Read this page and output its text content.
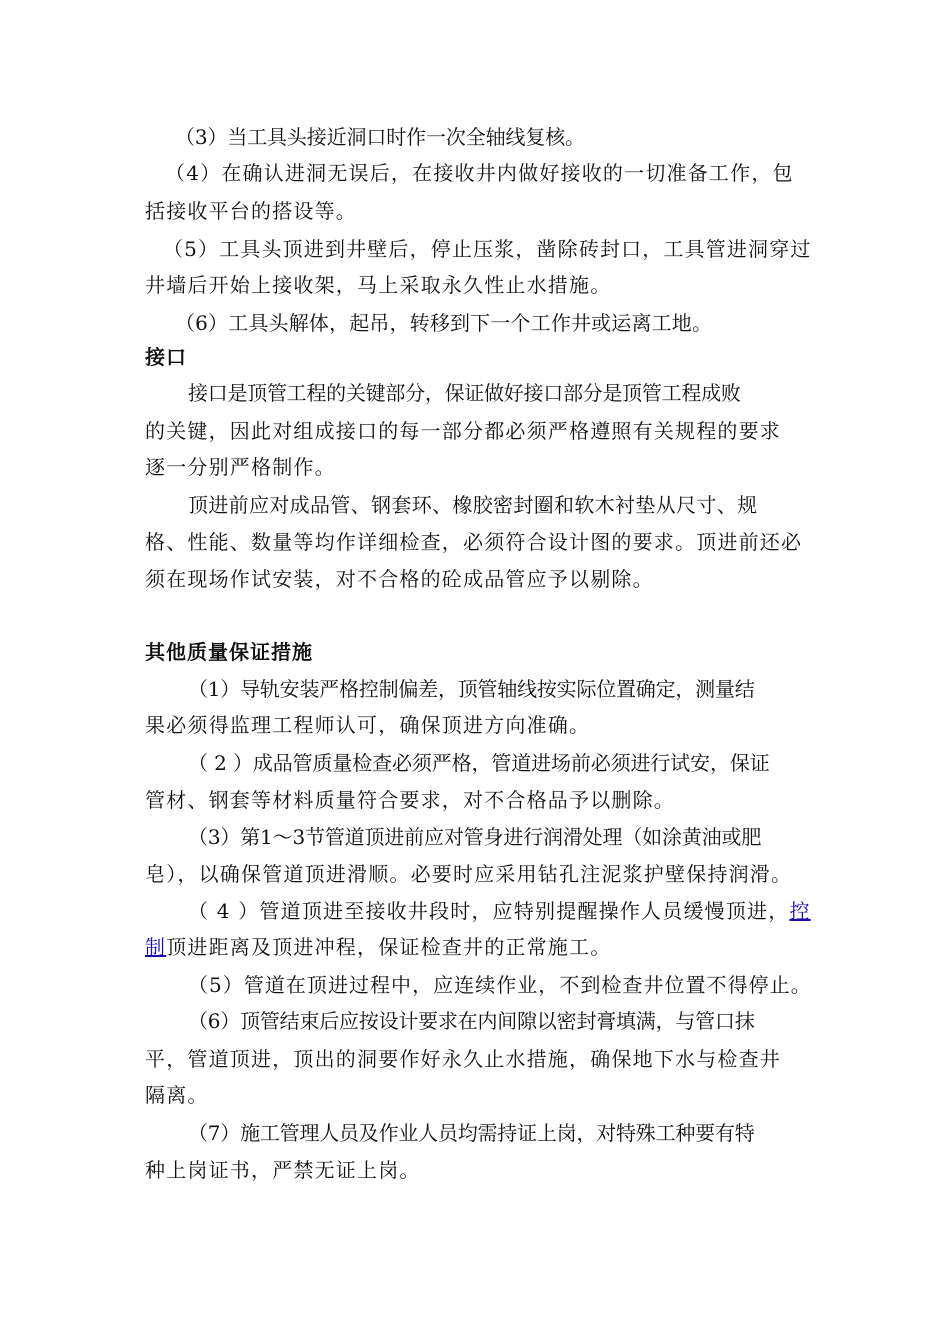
（3）当工具头接近洞口时作一次全轴线复核。
（4）在确认进洞无误后，在接收井内做好接收的一切准备工作，包
括接收平台的搭设等。
（5）工具头顶进到井壁后，停止压浆，凿除砖封口，工具管进洞穿过
井墙后开始上接收架，马上采取永久性止水措施。
（6）工具头解体，起吊，转移到下一个工作井或运离工地。
接口
接口是顶管工程的关键部分，保证做好接口部分是顶管工程成败
的关键，因此对组成接口的每一部分都必须严格遵照有关规程的要求
逐一分别严格制作。
顶进前应对成品管、钢套环、橡胶密封圈和软木衬垫从尺寸、规
格、性能、数量等均作详细检查，必须符合设计图的要求。顶进前还必
须在现场作试安装，对不合格的砼成品管应予以剔除。
其他质量保证措施
（1）导轨安装严格控制偏差，顶管轴线按实际位置确定，测量结
果必须得监理工程师认可，确保顶进方向准确。
（ 2 ）成品管质量检查必须严格，管道进场前必须进行试安，保证
管材、钢套等材料质量符合要求，对不合格品予以删除。
（3）第1～3节管道顶进前应对管身进行润滑处理（如涂黄油或肥
皂），以确保管道顶进滑顺。必要时应采用钻孔注泥浆护壁保持润滑。
（ 4 ）管道顶进至接收井段时，应特别提醒操作人员缓慢顶进，控
制顶进距离及顶进冲程，保证检查井的正常施工。
（5）管道在顶进过程中，应连续作业，不到检查井位置不得停止。
（6）顶管结束后应按设计要求在内间隙以密封膏填满，与管口抹
平，管道顶进，顶出的洞要作好永久止水措施，确保地下水与检查井
隔离。
（7）施工管理人员及作业人员均需持证上岗，对特殊工种要有特
种上岗证书，严禁无证上岗。
